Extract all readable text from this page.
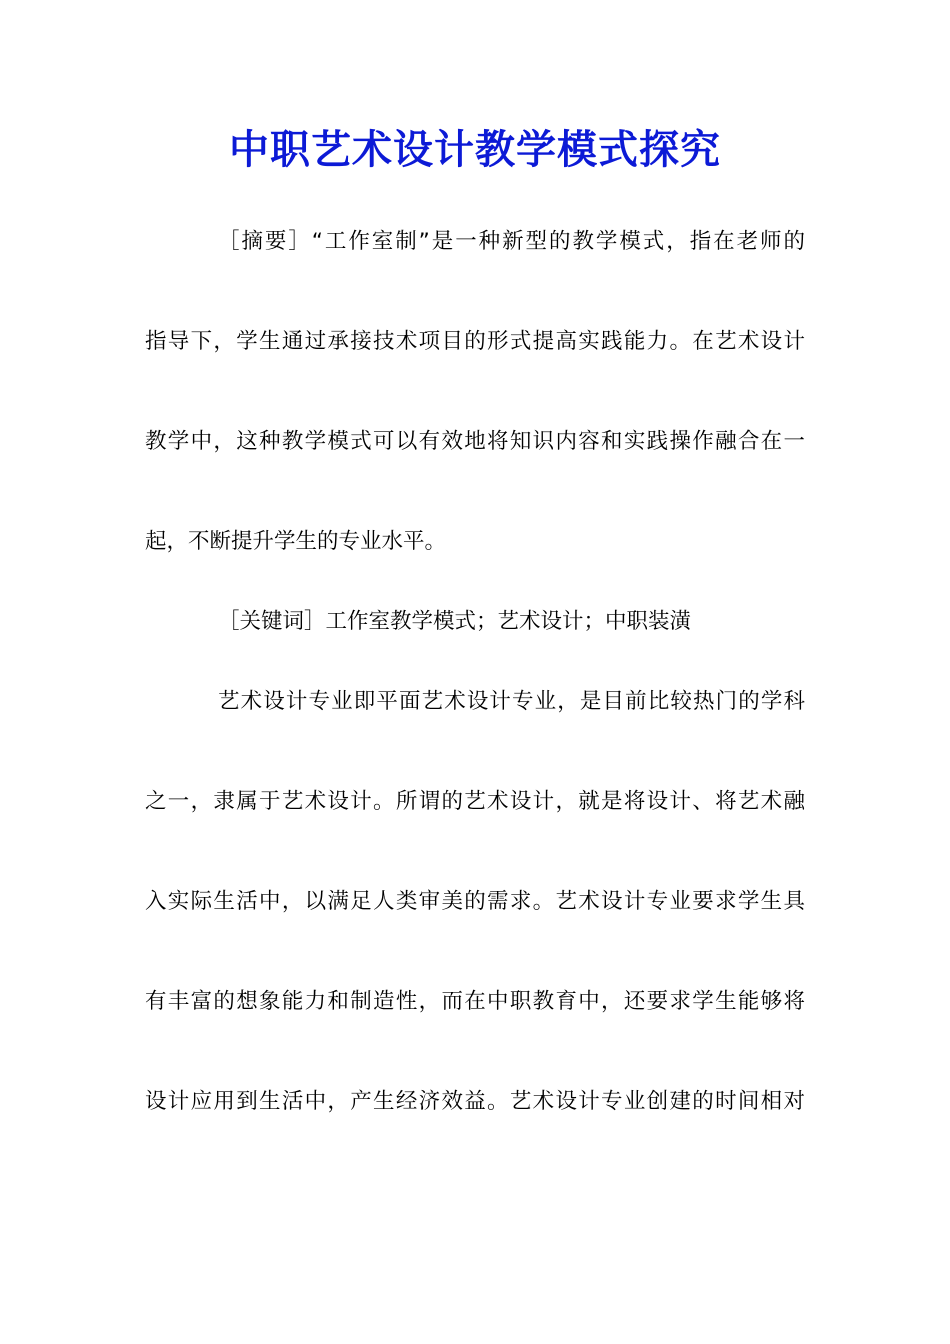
中职艺术设计教学模式探究
［摘要］“工作室制”是一种新型的教学模式，指在老师的
指导下，学生通过承接技术项目的形式提高实践能力。在艺术设计
教学中，这种教学模式可以有效地将知识内容和实践操作融合在一
起，不断提升学生的专业水平。
［关键词］工作室教学模式；艺术设计；中职装潢
艺术设计专业即平面艺术设计专业，是目前比较热门的学科
之一，隶属于艺术设计。所谓的艺术设计，就是将设计、将艺术融
入实际生活中，以满足人类审美的需求。艺术设计专业要求学生具
有丰富的想象能力和制造性，而在中职教育中，还要求学生能够将
设计应用到生活中，产生经济效益。艺术设计专业创建的时间相对
